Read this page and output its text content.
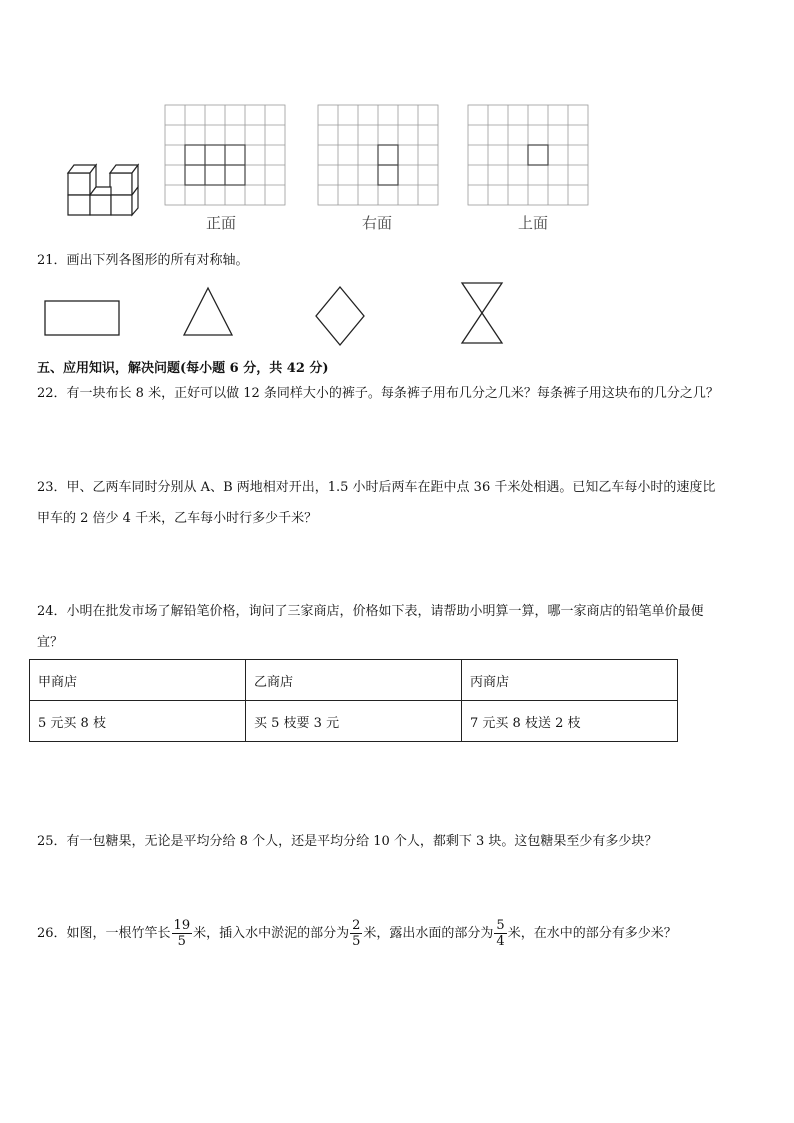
正面	右面	上面
21．画出下列各图形的所有对称轴。
五、应用知识，解决问题(每小题 6 分，共 42 分)
22．有一块布长 8 米，正好可以做 12 条同样大小的裤子。每条裤子用布几分之几米？每条裤子用这块布的几分之几？
23．甲、乙两车同时分别从 A、B 两地相对开出，1.5 小时后两车在距中点 36 千米处相遇。已知乙车每小时的速度比
甲车的 2 倍少 4 千米，乙车每小时行多少千米？
24．小明在批发市场了解铅笔价格，询问了三家商店，价格如下表，请帮助小明算一算，哪一家商店的铅笔单价最便
宜？
甲商店	乙商店	丙商店
5 元买 8 枝	买 5 枝要 3 元	7 元买 8 枝送 2 枝
25．有一包糖果，无论是平均分给 8 个人，还是平均分给 10 个人，都剩下 3 块。这包糖果至少有多少块？
26．如图，一根竹竿长 $\frac{19}{5}$ 米，插入水中淤泥的部分为 $\frac{2}{5}$ 米，露出水面的部分为 $\frac{5}{4}$ 米，在水中的部分有多少米？
